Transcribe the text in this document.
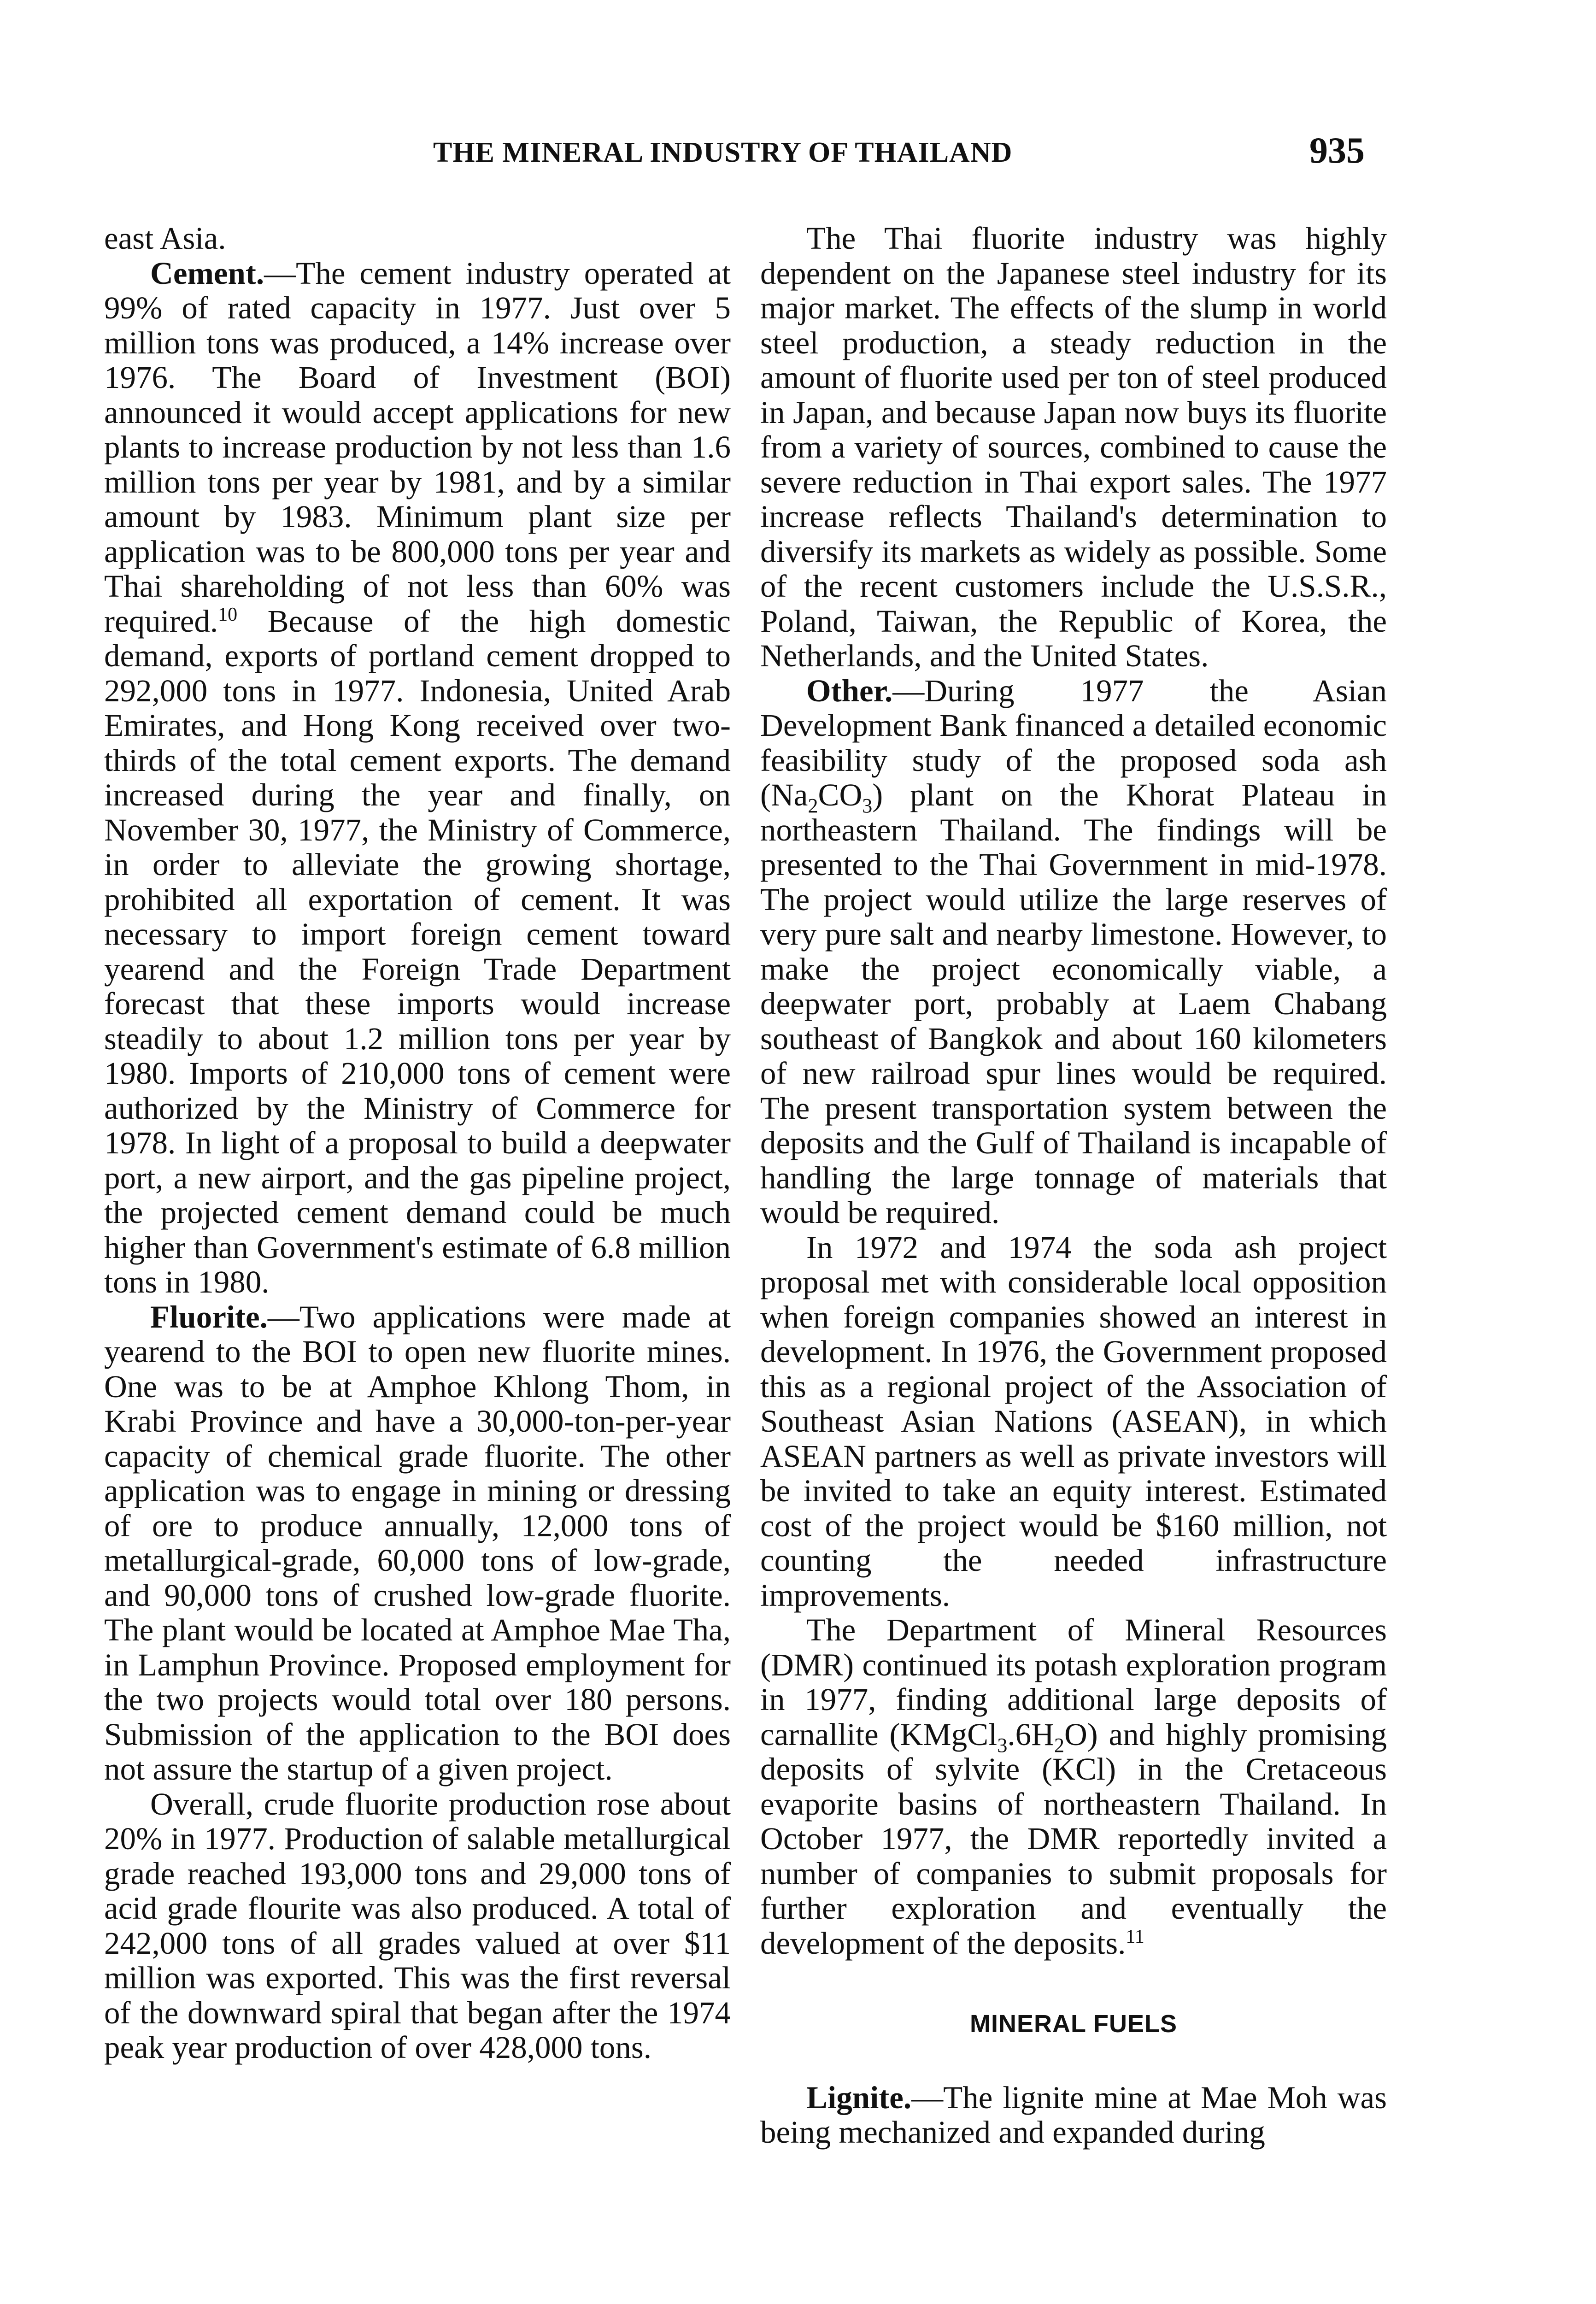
THE MINERAL INDUSTRY OF THAILAND	935

east Asia.

Cement.—The cement industry operated at 99% of rated capacity in 1977. Just over 5 million tons was produced, a 14% increase over 1976. The Board of Investment (BOI) announced it would accept applications for new plants to increase production by not less than 1.6 million tons per year by 1981, and by a similar amount by 1983. Minimum plant size per application was to be 800,000 tons per year and Thai shareholding of not less than 60% was required.$^{10}$ Because of the high domestic demand, exports of portland cement dropped to 292,000 tons in 1977. Indonesia, United Arab Emirates, and Hong Kong received over two-thirds of the total cement exports. The demand increased during the year and finally, on November 30, 1977, the Ministry of Commerce, in order to alleviate the growing shortage, prohibited all exportation of cement. It was necessary to import foreign cement toward yearend and the Foreign Trade Department forecast that these imports would increase steadily to about 1.2 million tons per year by 1980. Imports of 210,000 tons of cement were authorized by the Ministry of Commerce for 1978. In light of a proposal to build a deepwater port, a new airport, and the gas pipeline project, the projected cement demand could be much higher than Government's estimate of 6.8 million tons in 1980.

Fluorite.—Two applications were made at yearend to the BOI to open new fluorite mines. One was to be at Amphoe Khlong Thom, in Krabi Province and have a 30,000-ton-per-year capacity of chemical grade fluorite. The other application was to engage in mining or dressing of ore to produce annually, 12,000 tons of metallurgical-grade, 60,000 tons of low-grade, and 90,000 tons of crushed low-grade fluorite. The plant would be located at Amphoe Mae Tha, in Lamphun Province. Proposed employment for the two projects would total over 180 persons. Submission of the application to the BOI does not assure the startup of a given project.

Overall, crude fluorite production rose about 20% in 1977. Production of salable metallurgical grade reached 193,000 tons and 29,000 tons of acid grade flourite was also produced. A total of 242,000 tons of all grades valued at over $11 million was exported. This was the first reversal of the downward spiral that began after the 1974 peak year production of over 428,000 tons.

The Thai fluorite industry was highly dependent on the Japanese steel industry for its major market. The effects of the slump in world steel production, a steady reduction in the amount of fluorite used per ton of steel produced in Japan, and because Japan now buys its fluorite from a variety of sources, combined to cause the severe reduction in Thai export sales. The 1977 increase reflects Thailand's determination to diversify its markets as widely as possible. Some of the recent customers include the U.S.S.R., Poland, Taiwan, the Republic of Korea, the Netherlands, and the United States.

Other.—During 1977 the Asian Development Bank financed a detailed economic feasibility study of the proposed soda ash $(Na_2CO_3)$ plant on the Khorat Plateau in northeastern Thailand. The findings will be presented to the Thai Government in mid-1978. The project would utilize the large reserves of very pure salt and nearby limestone. However, to make the project economically viable, a deepwater port, probably at Laem Chabang southeast of Bangkok and about 160 kilometers of new railroad spur lines would be required. The present transportation system between the deposits and the Gulf of Thailand is incapable of handling the large tonnage of materials that would be required.

In 1972 and 1974 the soda ash project proposal met with considerable local opposition when foreign companies showed an interest in development. In 1976, the Government proposed this as a regional project of the Association of Southeast Asian Nations (ASEAN), in which ASEAN partners as well as private investors will be invited to take an equity interest. Estimated cost of the project would be $160 million, not counting the needed infrastructure improvements.

The Department of Mineral Resources (DMR) continued its potash exploration program in 1977, finding additional large deposits of carnallite $(KMgCl_3.6H_2O)$ and highly promising deposits of sylvite (KCl) in the Cretaceous evaporite basins of northeastern Thailand. In October 1977, the DMR reportedly invited a number of companies to submit proposals for further exploration and eventually the development of the deposits.$^{11}$

MINERAL FUELS

Lignite.—The lignite mine at Mae Moh was being mechanized and expanded during
